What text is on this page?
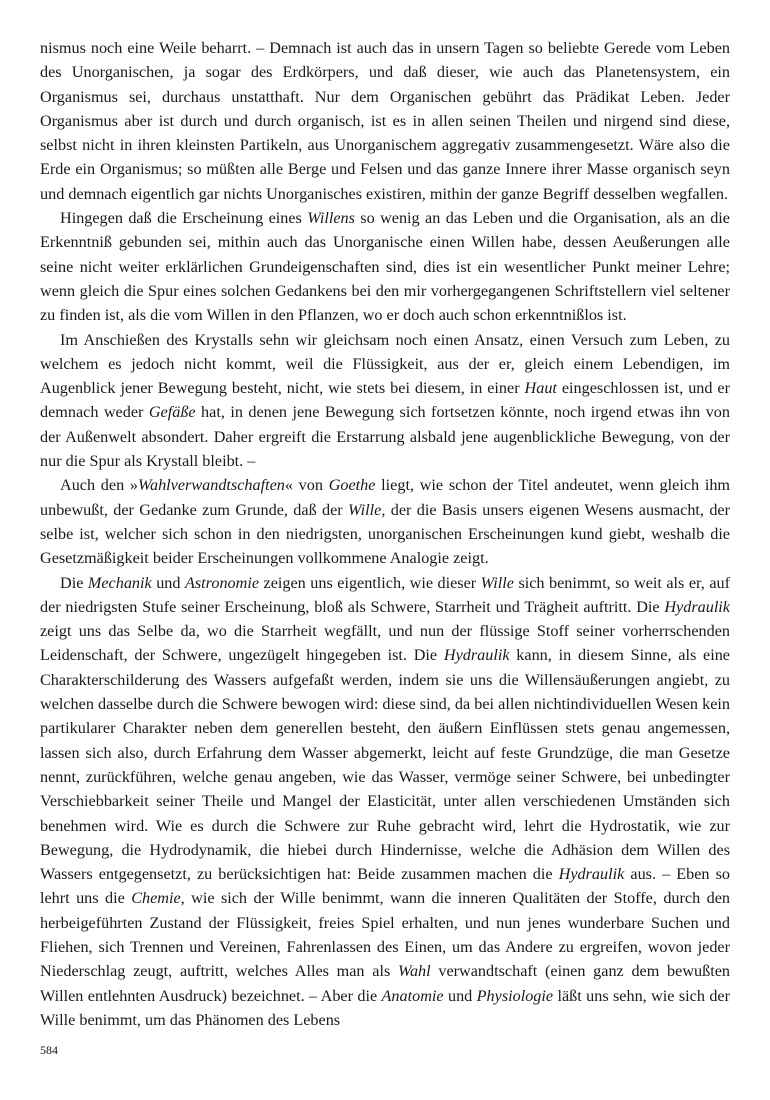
nismus noch eine Weile beharrt. – Demnach ist auch das in unsern Tagen so beliebte Gerede vom Leben des Unorganischen, ja sogar des Erdkörpers, und daß dieser, wie auch das Planetensystem, ein Organismus sei, durchaus unstatthaft. Nur dem Organischen gebührt das Prädikat Leben. Jeder Organismus aber ist durch und durch organisch, ist es in allen seinen Theilen und nirgend sind diese, selbst nicht in ihren kleinsten Partikeln, aus Unorganischem aggregativ zusammengesetzt. Wäre also die Erde ein Organismus; so müßten alle Berge und Felsen und das ganze Innere ihrer Masse organisch seyn und demnach eigentlich gar nichts Unorganisches existiren, mithin der ganze Begriff desselben wegfallen.

Hingegen daß die Erscheinung eines Willens so wenig an das Leben und die Organisation, als an die Erkenntniß gebunden sei, mithin auch das Unorganische einen Willen habe, dessen Aeußerungen alle seine nicht weiter erklärlichen Grundeigenschaften sind, dies ist ein wesentlicher Punkt meiner Lehre; wenn gleich die Spur eines solchen Gedankens bei den mir vorhergegangenen Schriftstellern viel seltener zu finden ist, als die vom Willen in den Pflanzen, wo er doch auch schon erkenntnißlos ist.

Im Anschießen des Krystalls sehn wir gleichsam noch einen Ansatz, einen Versuch zum Leben, zu welchem es jedoch nicht kommt, weil die Flüssigkeit, aus der er, gleich einem Lebendigen, im Augenblick jener Bewegung besteht, nicht, wie stets bei diesem, in einer Haut eingeschlossen ist, und er demnach weder Gefäße hat, in denen jene Bewegung sich fortsetzen könnte, noch irgend etwas ihn von der Außenwelt absondert. Daher ergreift die Erstarrung alsbald jene augenblickliche Bewegung, von der nur die Spur als Krystall bleibt. –

Auch den »Wahlverwandtschaften« von Goethe liegt, wie schon der Titel andeutet, wenn gleich ihm unbewußt, der Gedanke zum Grunde, daß der Wille, der die Basis unsers eigenen Wesens ausmacht, der selbe ist, welcher sich schon in den niedrigsten, unorganischen Erscheinungen kund giebt, weshalb die Gesetzmäßigkeit beider Erscheinungen vollkommene Analogie zeigt.

Die Mechanik und Astronomie zeigen uns eigentlich, wie dieser Wille sich benimmt, so weit als er, auf der niedrigsten Stufe seiner Erscheinung, bloß als Schwere, Starrheit und Trägheit auftritt. Die Hydraulik zeigt uns das Selbe da, wo die Starrheit wegfällt, und nun der flüssige Stoff seiner vorherrschenden Leidenschaft, der Schwere, ungezügelt hingegeben ist. Die Hydraulik kann, in diesem Sinne, als eine Charakterschilderung des Wassers aufgefaßt werden, indem sie uns die Willensäußerungen angiebt, zu welchen dasselbe durch die Schwere bewogen wird: diese sind, da bei allen nichtindividuellen Wesen kein partikularer Charakter neben dem generellen besteht, den äußern Einflüssen stets genau angemessen, lassen sich also, durch Erfahrung dem Wasser abgemerkt, leicht auf feste Grundzüge, die man Gesetze nennt, zurückführen, welche genau angeben, wie das Wasser, vermöge seiner Schwere, bei unbedingter Verschiebbarkeit seiner Theile und Mangel der Elasticität, unter allen verschiedenen Umständen sich benehmen wird. Wie es durch die Schwere zur Ruhe gebracht wird, lehrt die Hydrostatik, wie zur Bewegung, die Hydrodynamik, die hiebei durch Hindernisse, welche die Adhäsion dem Willen des Wassers entgegensetzt, zu berücksichtigen hat: Beide zusammen machen die Hydraulik aus. – Eben so lehrt uns die Chemie, wie sich der Wille benimmt, wann die inneren Qualitäten der Stoffe, durch den herbeigeführten Zustand der Flüssigkeit, freies Spiel erhalten, und nun jenes wunderbare Suchen und Fliehen, sich Trennen und Vereinen, Fahrenlassen des Einen, um das Andere zu ergreifen, wovon jeder Niederschlag zeugt, auftritt, welches Alles man als Wahl verwandtschaft (einen ganz dem bewußten Willen entlehnten Ausdruck) bezeichnet. – Aber die Anatomie und Physiologie läßt uns sehn, wie sich der Wille benimmt, um das Phänomen des Lebens

584
